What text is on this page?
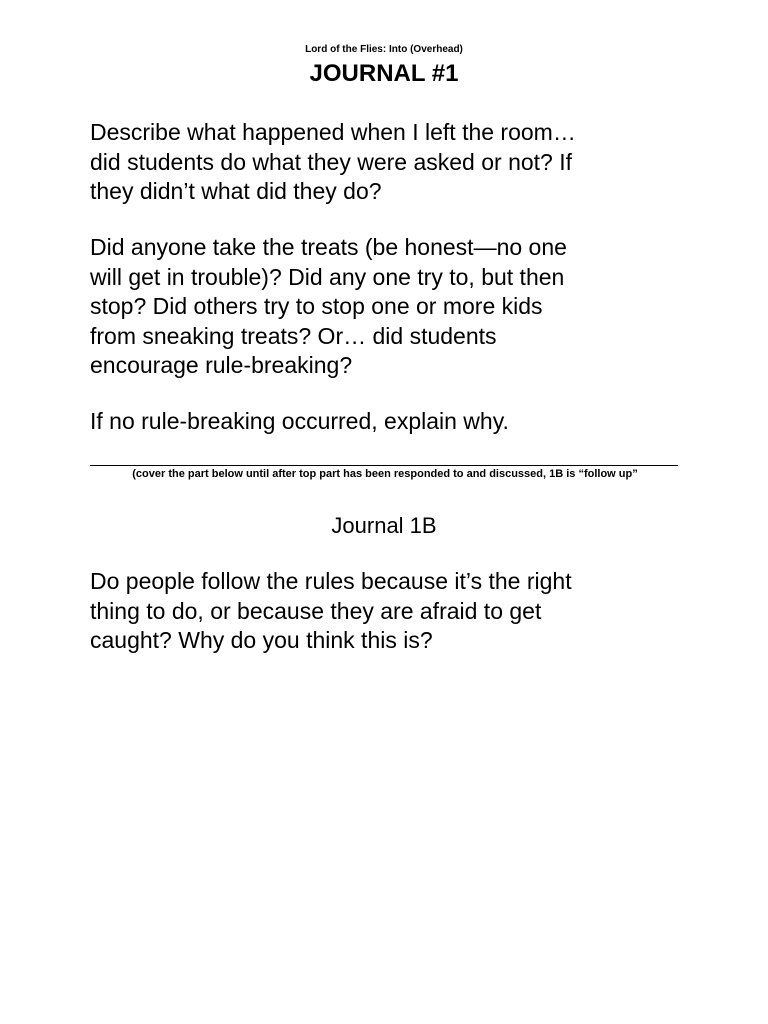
Lord of the Flies: Into (Overhead)
JOURNAL #1

Describe what happened when I left the room…
did students do what they were asked or not? If
they didn’t what did they do?

Did anyone take the treats (be honest—no one
will get in trouble)? Did any one try to, but then
stop? Did others try to stop one or more kids
from sneaking treats? Or… did students
encourage rule-breaking?

If no rule-breaking occurred, explain why.

(cover the part below until after top part has been responded to and discussed, 1B is “follow up”
Journal 1B

Do people follow the rules because it’s the right
thing to do, or because they are afraid to get
caught? Why do you think this is?
